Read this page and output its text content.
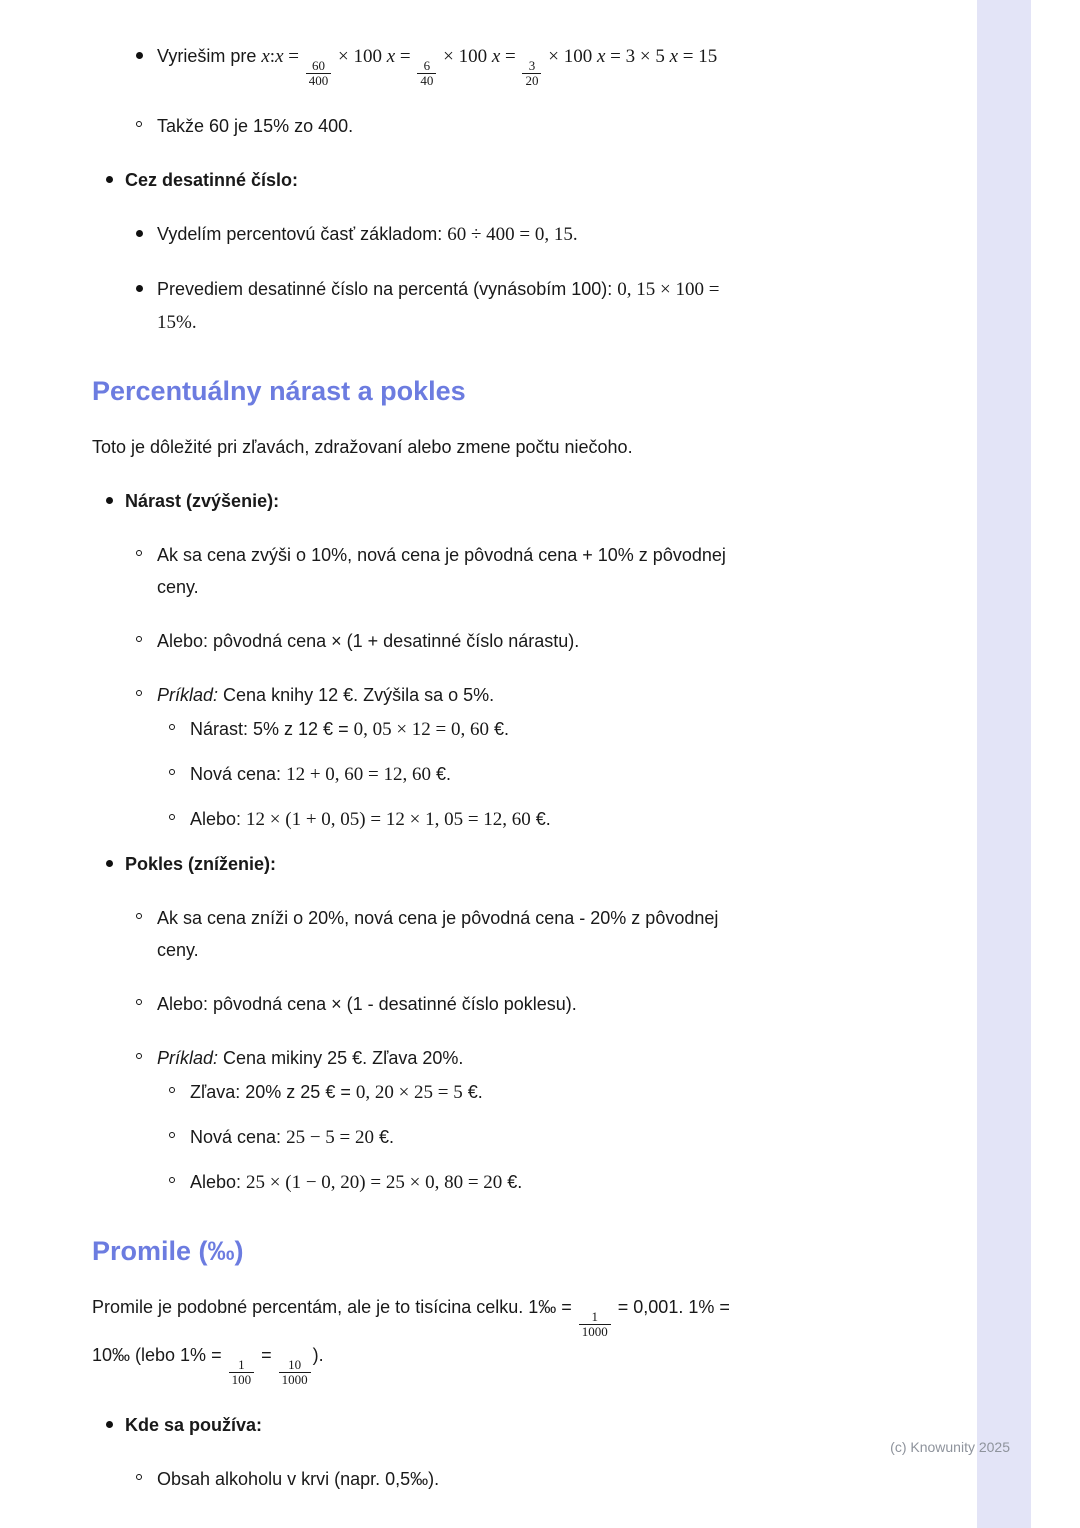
Vyriešim pre x:x =
$\frac{60}{400}$
× 100 x =
$\frac{6}{40}$
× 100 x =
$\frac{3}{20}$
× 100 x = 3 × 5 x = 15
Takže 60 je 15% zo 400.
Cez desatinné číslo:
Vydelím percentovú časť základom: 60 ÷ 400 = 0, 15.
Prevediem desatinné číslo na percentá (vynásobím 100): 0, 15 × 100 =
15%.
Percentuálny nárast a pokles

Toto je dôležité pri zľavách, zdražovaní alebo zmene počtu niečoho.

Nárast (zvýšenie):
Ak sa cena zvýši o 10%, nová cena je pôvodná cena + 10% z pôvodnej
ceny.
Alebo: pôvodná cena × (1 + desatinné číslo nárastu).
Príklad: Cena knihy 12 €. Zvýšila sa o 5%.
Nárast: 5% z 12 € = 0, 05 × 12 = 0, 60 €.
Nová cena: 12 + 0, 60 = 12, 60 €.
Alebo: 12 × (1 + 0, 05) = 12 × 1, 05 = 12, 60 €.
Pokles (zníženie):
Ak sa cena zníži o 20%, nová cena je pôvodná cena - 20% z pôvodnej
ceny.
Alebo: pôvodná cena × (1 - desatinné číslo poklesu).
Príklad: Cena mikiny 25 €. Zľava 20%.
Zľava: 20% z 25 € = 0, 20 × 25 = 5 €.
Nová cena: 25 − 5 = 20 €.
Alebo: 25 × (1 − 0, 20) = 25 × 0, 80 = 20 €.
Promile (‰)

Promile je podobné percentám, ale je to tisícina celku. 1‰ =
$\frac{1}{1000}$
= 0,001. 1% =
10‰ (lebo 1% =
$\frac{1}{100}$
=
$\frac{10}{1000}$
).

Kde sa používa:
Obsah alkoholu v krvi (napr. 0,5‰).
(c) Knowunity 2025
